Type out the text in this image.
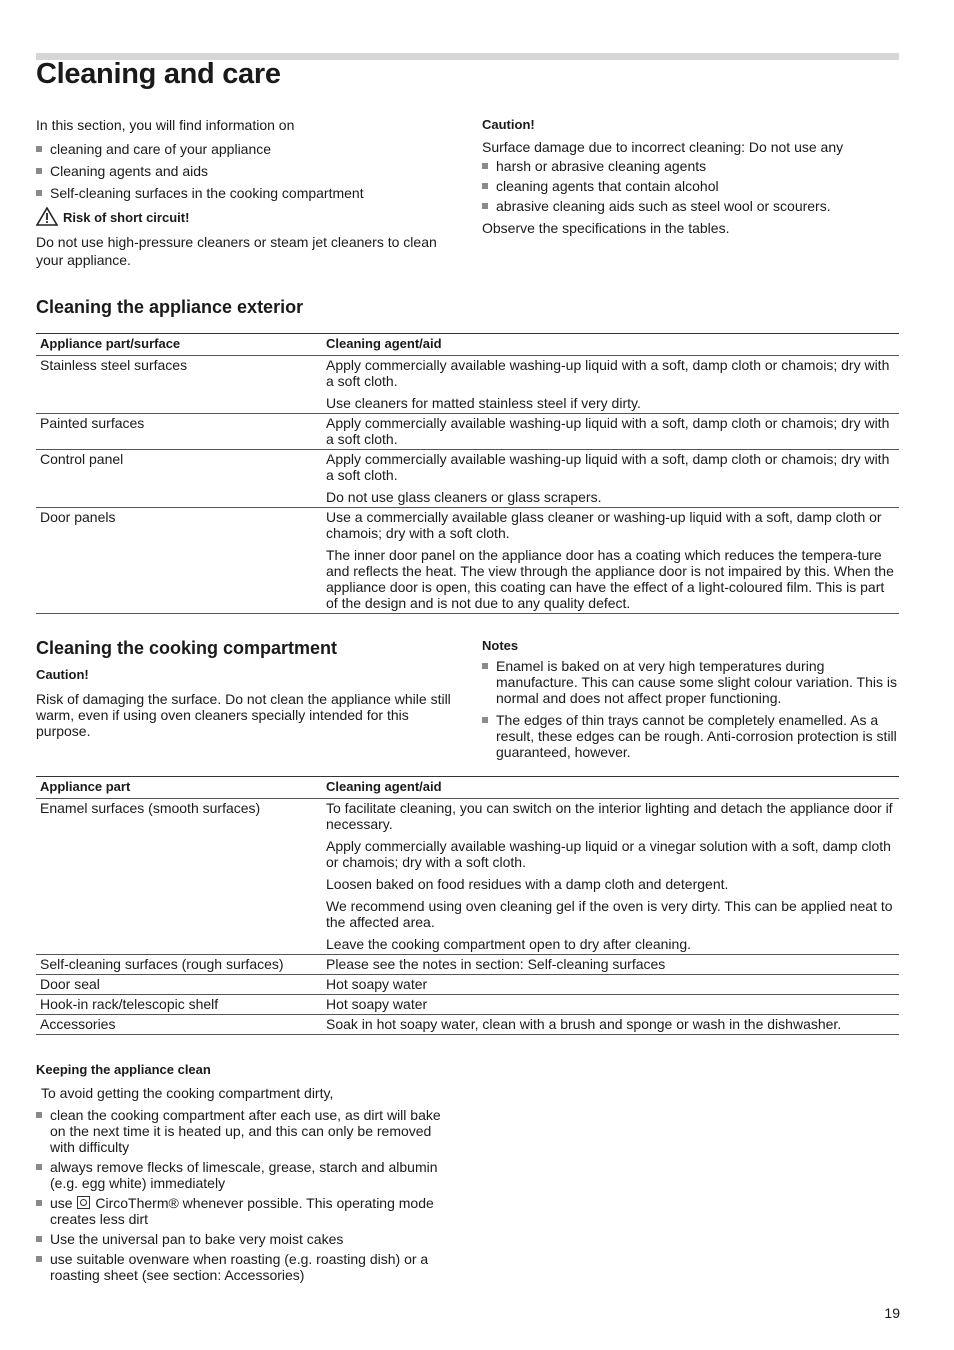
Cleaning and care

In this section, you will find information on

cleaning and care of your appliance
Cleaning agents and aids
Self-cleaning surfaces in the cooking compartment
Risk of short circuit!

Do not use high-pressure cleaners or steam jet cleaners to clean your appliance.

Caution!

Surface damage due to incorrect cleaning: Do not use any

harsh or abrasive cleaning agents
cleaning agents that contain alcohol
abrasive cleaning aids such as steel wool or scourers.

Observe the specifications in the tables.

Cleaning the appliance exterior
Appliance part/surface	Cleaning agent/aid
Stainless steel surfaces	Apply commercially available washing-up liquid with a soft, damp cloth or chamois; dry with a soft cloth.

Use cleaners for matted stainless steel if very dirty.

Painted surfaces	Apply commercially available washing-up liquid with a soft, damp cloth or chamois; dry with a soft cloth.

Control panel	Apply commercially available washing-up liquid with a soft, damp cloth or chamois; dry with a soft cloth.

Do not use glass cleaners or glass scrapers.

Door panels	Use a commercially available glass cleaner or washing-up liquid with a soft, damp cloth or chamois; dry with a soft cloth.

The inner door panel on the appliance door has a coating which reduces the tempera-ture and reflects the heat. The view through the appliance door is not impaired by this. When the appliance door is open, this coating can have the effect of a light-coloured film. This is part of the design and is not due to any quality defect.

Cleaning the cooking compartment

Caution!

Risk of damaging the surface. Do not clean the appliance while still warm, even if using oven cleaners specially intended for this purpose.

Notes

Enamel is baked on at very high temperatures during manufacture. This can cause some slight colour variation. This is normal and does not affect proper functioning.
The edges of thin trays cannot be completely enamelled. As a result, these edges can be rough. Anti-corrosion protection is still guaranteed, however.
Appliance part	Cleaning agent/aid
Enamel surfaces (smooth surfaces)	To facilitate cleaning, you can switch on the interior lighting and detach the appliance door if necessary.

Apply commercially available washing-up liquid or a vinegar solution with a soft, damp cloth or chamois; dry with a soft cloth.

Loosen baked on food residues with a damp cloth and detergent.

We recommend using oven cleaning gel if the oven is very dirty. This can be applied neat to the affected area.

Leave the cooking compartment open to dry after cleaning.

Self-cleaning surfaces (rough surfaces)	Please see the notes in section: Self-cleaning surfaces

Door seal	Hot soapy water

Hook-in rack/telescopic shelf	Hot soapy water

Accessories	Soak in hot soapy water, clean with a brush and sponge or wash in the dishwasher.

Keeping the appliance clean

To avoid getting the cooking compartment dirty,

clean the cooking compartment after each use, as dirt will bake on the next time it is heated up, and this can only be removed with difficulty
always remove flecks of limescale, grease, starch and albumin (e.g. egg white) immediately
use CircoTherm® whenever possible. This operating mode creates less dirt
Use the universal pan to bake very moist cakes
use suitable ovenware when roasting (e.g. roasting dish) or a roasting sheet (see section: Accessories)
19
